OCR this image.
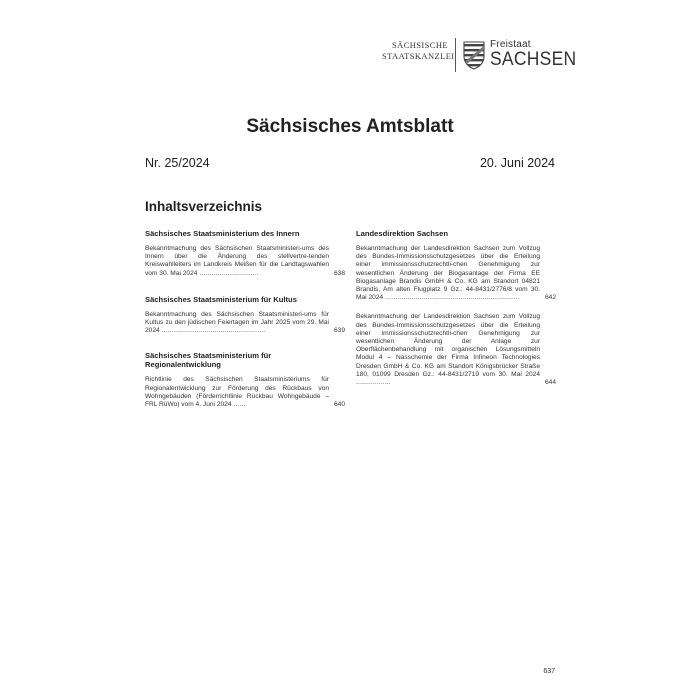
SÄCHSISCHE
STAATSKANZLEI
Freistaat
SACHSEN
Sächsisches Amtsblatt
Nr. 25/2024	20. Juni 2024
Inhaltsverzeichnis
Sächsisches Staatsministerium des Innern
Bekanntmachung des Sächsischen Staatsministeri-ums des Innern über die Änderung des stellvertre-tenden Kreiswahlleiters im Landkreis Meißen für die Landtagswahlen vom 30. Mai 2024 .............................	638
Sächsisches Staatsministerium für Kultus
Bekanntmachung des Sächsischen Staatsministeri-ums für Kultus zu den jüdischen Feiertagen im Jahr 2025 vom 29. Mai 2024 ...................................................	639
Sächsisches Staatsministerium für Regionalentwicklung
Richtlinie des Sächsischen Staatsministeriums für Regionalentwicklung zur Förderung des Rückbaus von Wohngebäuden (Förderrichtlinie Rückbau Wohngebäude – FRL RüWo) vom 4. Juni 2024 ......	640
Landesdirektion Sachsen
Bekanntmachung der Landesdirektion Sachsen zum Vollzug des Bundes-Immissionsschutzgesetzes über die Erteilung einer immissionsschutzrechtli-chen Genehmigung zur wesentlichen Änderung der Biogasanlage der Firma EE Biogasanlage Brandis GmbH & Co. KG am Standort 04821 Brandis, Am alten Flugplatz 9 Gz.: 44-8431/2776/8 vom 30. Mai 2024 ..................................................................	642
Bekanntmachung der Landesdirektion Sachsen zum Vollzug des Bundes-Immissionsschutzgesetzes über die Erteilung einer immissionsschutzrechtli-chen Genehmigung zur wesentlichen Änderung der Anlage zur Oberflächenbehandlung mit organischen Lösungsmitteln Modul 4 – Nasschemie der Firma Infineon Technologies Dresden GmbH & Co. KG am Standort Königsbrücker Straße 180, 01099 Dresden Gz.: 44-8431/2719 vom 30. Mai 2024 .................	644
637
